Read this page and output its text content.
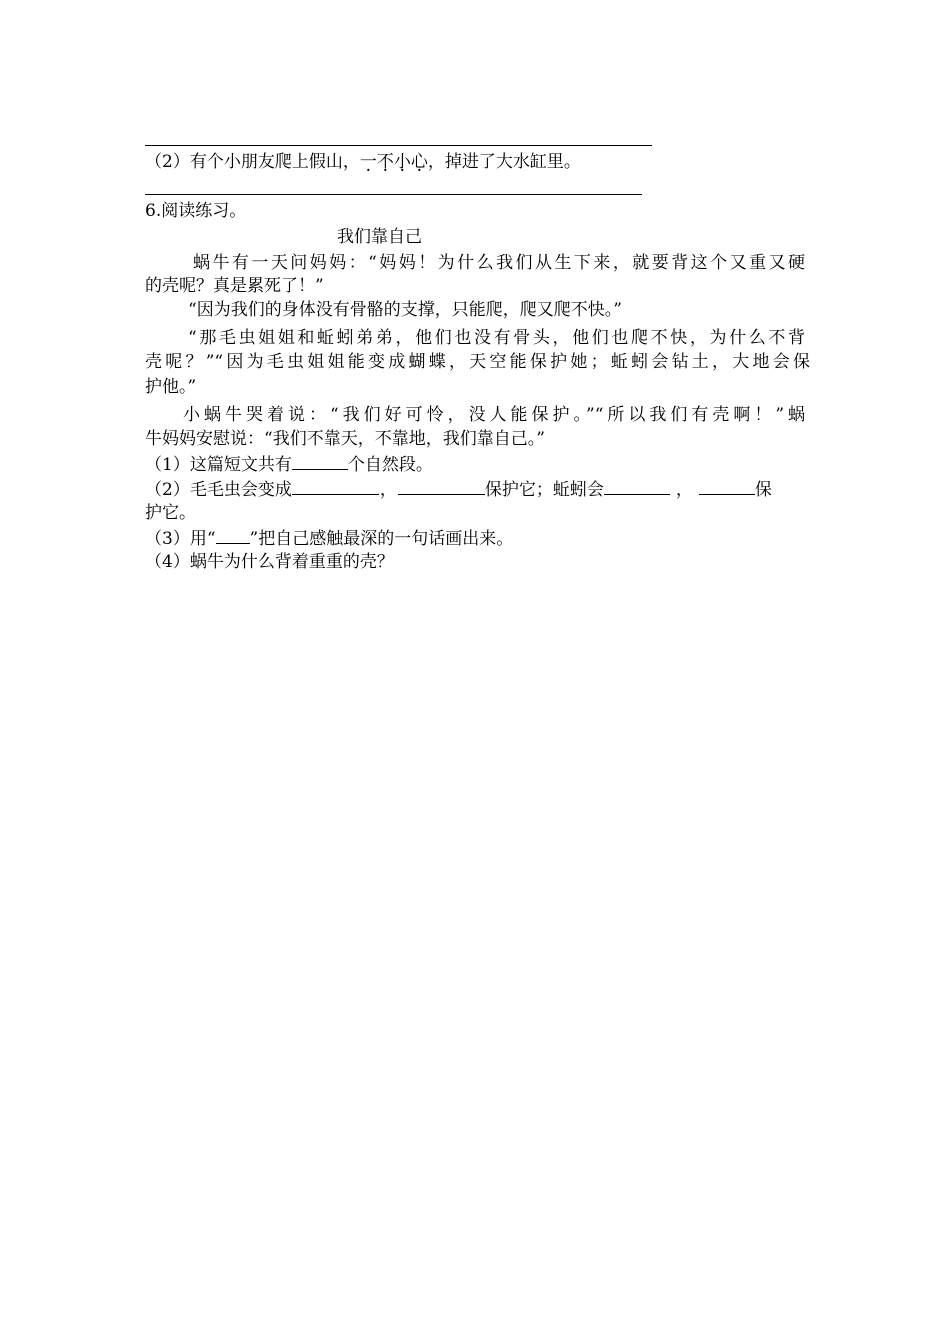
（2）有个小朋友爬上假山，一不小心，掉进了大水缸里。
6.阅读练习。
我们靠自己
蜗牛有一天问妈妈：“妈妈！为什么我们从生下来，就要背这个又重又硬
的壳呢？真是累死了！”
“因为我们的身体没有骨骼的支撑，只能爬，爬又爬不快。”
“那毛虫姐姐和蚯蚓弟弟，他们也没有骨头，他们也爬不快，为什么不背
壳呢？”“因为毛虫姐姐能变成蝴蝶，天空能保护她；蚯蚓会钻土，大地会保
护他。”
小蜗牛哭着说：“我们好可怜，没人能保护。”“所以我们有壳啊！”蜗
牛妈妈安慰说：“我们不靠天，不靠地，我们靠自己。”
（1）这篇短文共有	个自然段。
（2）毛毛虫会变成	，	保护它；蚯蚓会	，	保
护它。
（3）用“ ”把自己感触最深的一句话画出来。
（4）蜗牛为什么背着重重的壳？
